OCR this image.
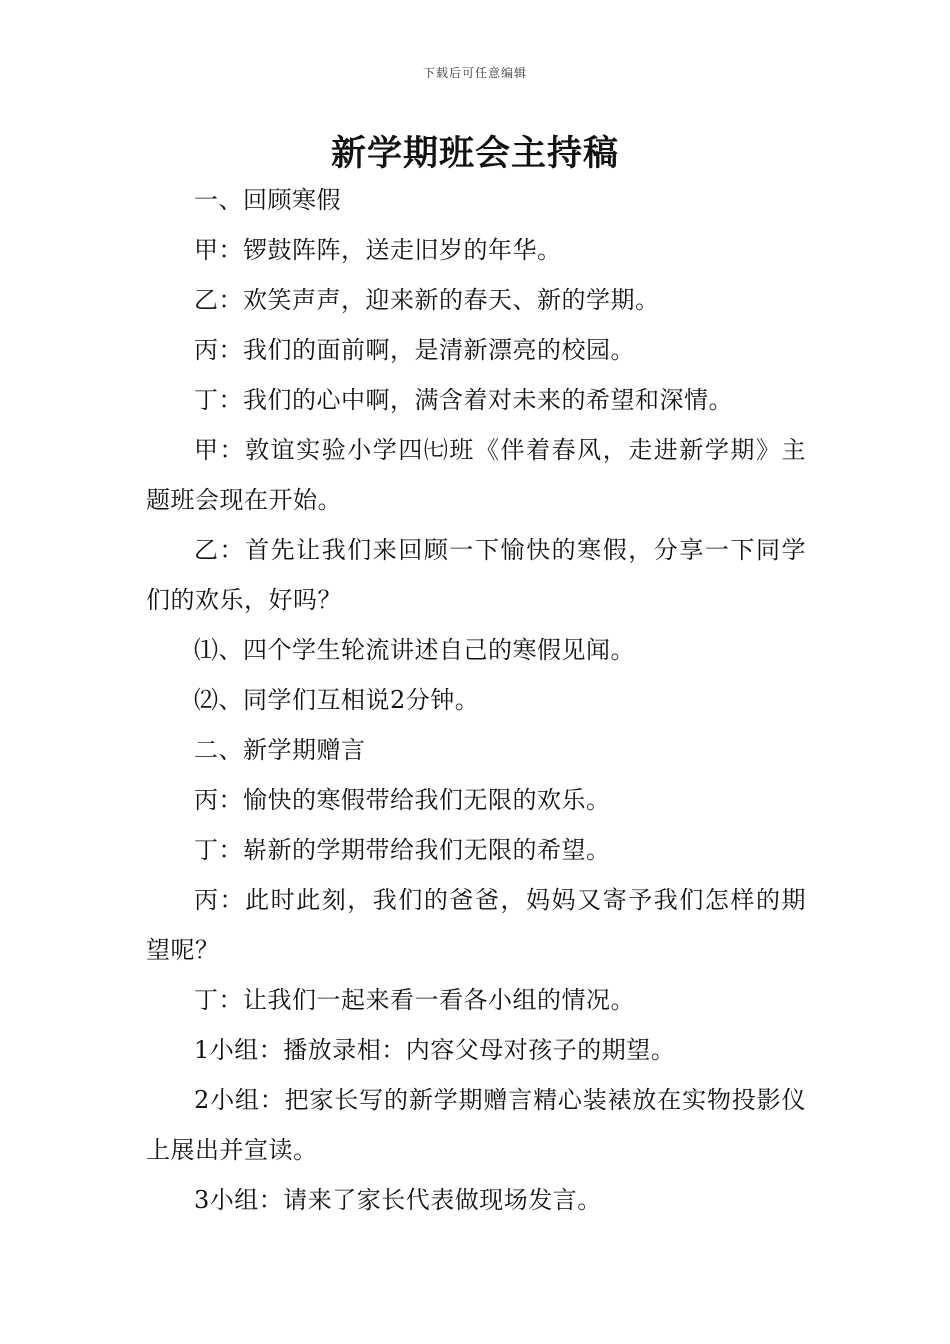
下载后可任意编辑
新学期班会主持稿

一、回顾寒假

甲：锣鼓阵阵，送走旧岁的年华。

乙：欢笑声声，迎来新的春天、新的学期。

丙：我们的面前啊，是清新漂亮的校园。

丁：我们的心中啊，满含着对未来的希望和深情。

甲：敦谊实验小学四㈦班《伴着春风，走进新学期》主题班会现在开始。

乙：首先让我们来回顾一下愉快的寒假，分享一下同学们的欢乐，好吗？

⑴、四个学生轮流讲述自己的寒假见闻。

⑵、同学们互相说2分钟。

二、新学期赠言

丙：愉快的寒假带给我们无限的欢乐。

丁：崭新的学期带给我们无限的希望。

丙：此时此刻，我们的爸爸，妈妈又寄予我们怎样的期望呢？

丁：让我们一起来看一看各小组的情况。

1小组：播放录相：内容父母对孩子的期望。

2小组：把家长写的新学期赠言精心装裱放在实物投影仪上展出并宣读。

3小组：请来了家长代表做现场发言。
